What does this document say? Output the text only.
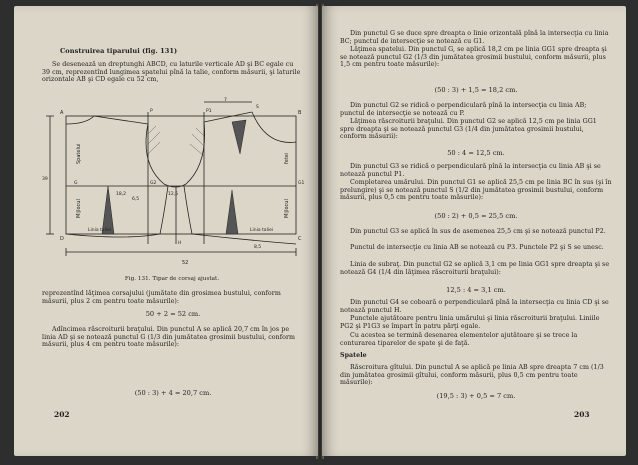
Construirea tiparului (fig. 131)
Se desenează un dreptunghi ABCD, cu laturile verticale AD şi BC egale cu 39 cm, reprezentînd lungimea spatelui pînă la talie, conform măsurii, şi laturile orizontale AB şi CD egale cu 52 cm,
A	B
C
D
G	G2	G1
P	P1
S
H
39
18,2	12,5
52
7
8,5
6,5
Linia taliei	Linia taliei
Spatelui
Mijlocul
fetei
Mijlocul
Fig. 131. Tipar de corsaj ajustat.
reprezentînd lăţimea corsajului (jumătate din grosimea bustului, conform măsurii, plus 2 cm pentru toate măsurile):
50 + 2 = 52 cm.
Adîncimea răscroiturii braţului. Din punctul A se aplică 20,7 cm în jos pe linia AD şi se notează punctul G (1/3 din jumătatea grosimii bustului, conform măsurii, plus 4 cm pentru toate măsurile):
(50 : 3) + 4 = 20,7 cm.
202
Din punctul G se duce spre dreapta o linie orizontală pînă la intersecţia cu linia BC; punctul de intersecţie se notează cu G1.
Lăţimea spatelui. Din punctul G, se aplică 18,2 cm pe linia GG1 spre dreapta şi se notează punctul G2 (1/3 din jumătatea grosimii bustului, conform măsurii, plus 1,5 cm pentru toate măsurile):
(50 : 3) + 1,5 = 18,2 cm.
Din punctul G2 se ridică o perpendiculară pînă la intersecţia cu linia AB; punctul de intersecţie se notează cu P.
Lăţimea răscroiturii braţului. Din punctul G2 se aplică 12,5 cm pe linia GG1 spre dreapta şi se notează punctul G3 (1/4 din jumătatea grosimii bustului, conform măsurii):
50 : 4 = 12,5 cm.
Din punctul G3 se ridică o perpendiculară pînă la intersecţia cu linia AB şi se notează punctul P1.
Completarea umărului. Din punctul G1 se aplică 25,5 cm pe linia BC în sus (şi în prelungire) şi se notează punctul S (1/2 din jumătatea grosimii bustului, conform măsurii, plus 0,5 cm pentru toate măsurile):
(50 : 2) + 0,5 = 25,5 cm.
Din punctul G3 se aplică în sus de asemenea 25,5 cm şi se notează punctul P2.
Punctul de intersecţie cu linia AB se notează cu P3. Punctele P2 şi S se unesc.
Linia de subraţ. Din punctul G2 se aplică 3,1 cm pe linia GG1 spre dreapta şi se notează G4 (1/4 din lăţimea răscroiturii braţului):
12,5 : 4 = 3,1 cm.
Din punctul G4 se coboară o perpendiculară pînă la intersecţia cu linia CD şi se notează punctul H.
Punctele ajutătoare pentru linia umărului şi linia răscroiturii braţului. Liniile PG2 şi P1G3 se împart în patru părţi egale.
Cu acestea se termină desenarea elementelor ajutătoare şi se trece la conturarea tiparelor de spate şi de faţă.
Spatele
Răscroitura gîtului. Din punctul A se aplică pe linia AB spre dreapta 7 cm (1/3 din jumătatea grosimii gîtului, conform măsurii, plus 0,5 cm pentru toate măsurile):
(19,5 : 3) + 0,5 = 7 cm.
203
